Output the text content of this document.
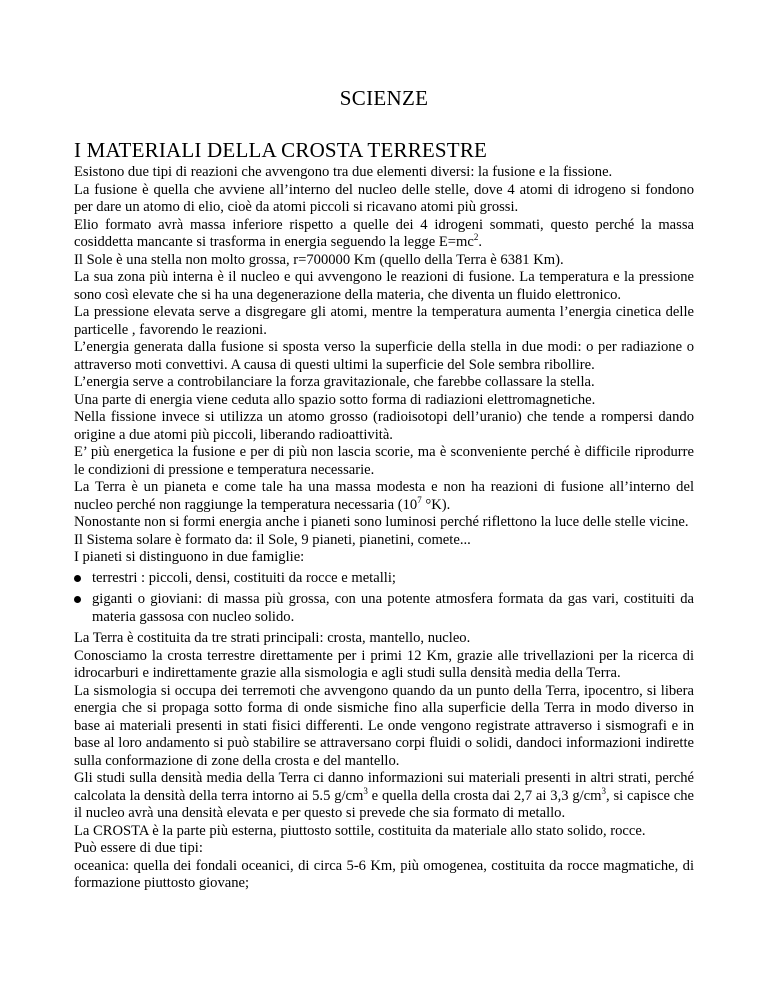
SCIENZE
I MATERIALI DELLA CROSTA TERRESTRE

Esistono due tipi di reazioni che avvengono tra due elementi diversi: la fusione e la fissione.

La fusione è quella che avviene all’interno del nucleo delle stelle, dove 4 atomi di idrogeno si fondono per dare un atomo di elio, cioè da atomi piccoli si ricavano atomi più grossi.

Elio formato avrà massa inferiore rispetto a quelle dei 4 idrogeni sommati, questo perché la massa cosiddetta mancante si trasforma in energia seguendo la legge $E=mc^2$.

Il Sole è una stella non molto grossa, r=700000 Km (quello della Terra è 6381 Km).

La sua zona più interna è il nucleo e qui avvengono le reazioni di fusione. La temperatura e la pressione sono così elevate che si ha una degenerazione della materia, che diventa un fluido elettronico.

La pressione elevata serve a disgregare gli atomi, mentre la temperatura aumenta l’energia cinetica delle particelle , favorendo le reazioni.

L’energia generata dalla fusione si sposta verso la superficie della stella in due modi: o per radiazione o attraverso moti convettivi. A causa di questi ultimi la superficie del Sole sembra ribollire.

L’energia serve a controbilanciare la forza gravitazionale, che farebbe collassare la stella.

Una parte di energia viene ceduta allo spazio sotto forma di radiazioni elettromagnetiche.

Nella fissione invece si utilizza un atomo grosso (radioisotopi dell’uranio) che tende a rompersi dando origine a due atomi più piccoli, liberando radioattività.

E’ più energetica la fusione e per di più non lascia scorie, ma è sconveniente perché è difficile riprodurre le condizioni di pressione e temperatura necessarie.

La Terra è un pianeta e come tale ha una massa modesta e non ha reazioni di fusione all’interno del nucleo perché non raggiunge la temperatura necessaria ($10^7$ °K).

Nonostante non si formi energia anche i pianeti sono luminosi perché riflettono la luce delle stelle vicine.

Il Sistema solare è formato da: il Sole, 9 pianeti, pianetini, comete...

I pianeti si distinguono in due famiglie:

terrestri : piccoli, densi, costituiti da rocce e metalli;
giganti o gioviani: di massa più grossa, con una potente atmosfera formata da gas vari, costituiti da materia gassosa con nucleo solido.

La Terra è costituita da tre strati principali: crosta, mantello, nucleo.

Conosciamo la crosta terrestre direttamente per i primi 12 Km, grazie alle trivellazioni per la ricerca di idrocarburi e indirettamente grazie alla sismologia e agli studi sulla densità media della Terra.

La sismologia si occupa dei terremoti che avvengono quando da un punto della Terra, ipocentro, si libera energia che si propaga sotto forma di onde sismiche fino alla superficie della Terra in modo diverso in base ai materiali presenti in stati fisici differenti. Le onde vengono registrate attraverso i sismografi e in base al loro andamento si può stabilire se attraversano corpi fluidi o solidi, dandoci informazioni indirette sulla conformazione di zone della crosta e del mantello.

Gli studi sulla densità media della Terra ci danno informazioni sui materiali presenti in altri strati, perché calcolata la densità della terra intorno ai 5.5 $g/cm^3$ e quella della crosta dai 2,7 ai 3,3 $g/cm^3$, si capisce che il nucleo avrà una densità elevata e per questo si prevede che sia formato di metallo.

La CROSTA è la parte più esterna, piuttosto sottile, costituita da materiale allo stato solido, rocce.

Può essere di due tipi:

oceanica: quella dei fondali oceanici, di circa 5-6 Km, più omogenea, costituita da rocce magmatiche, di formazione piuttosto giovane;
